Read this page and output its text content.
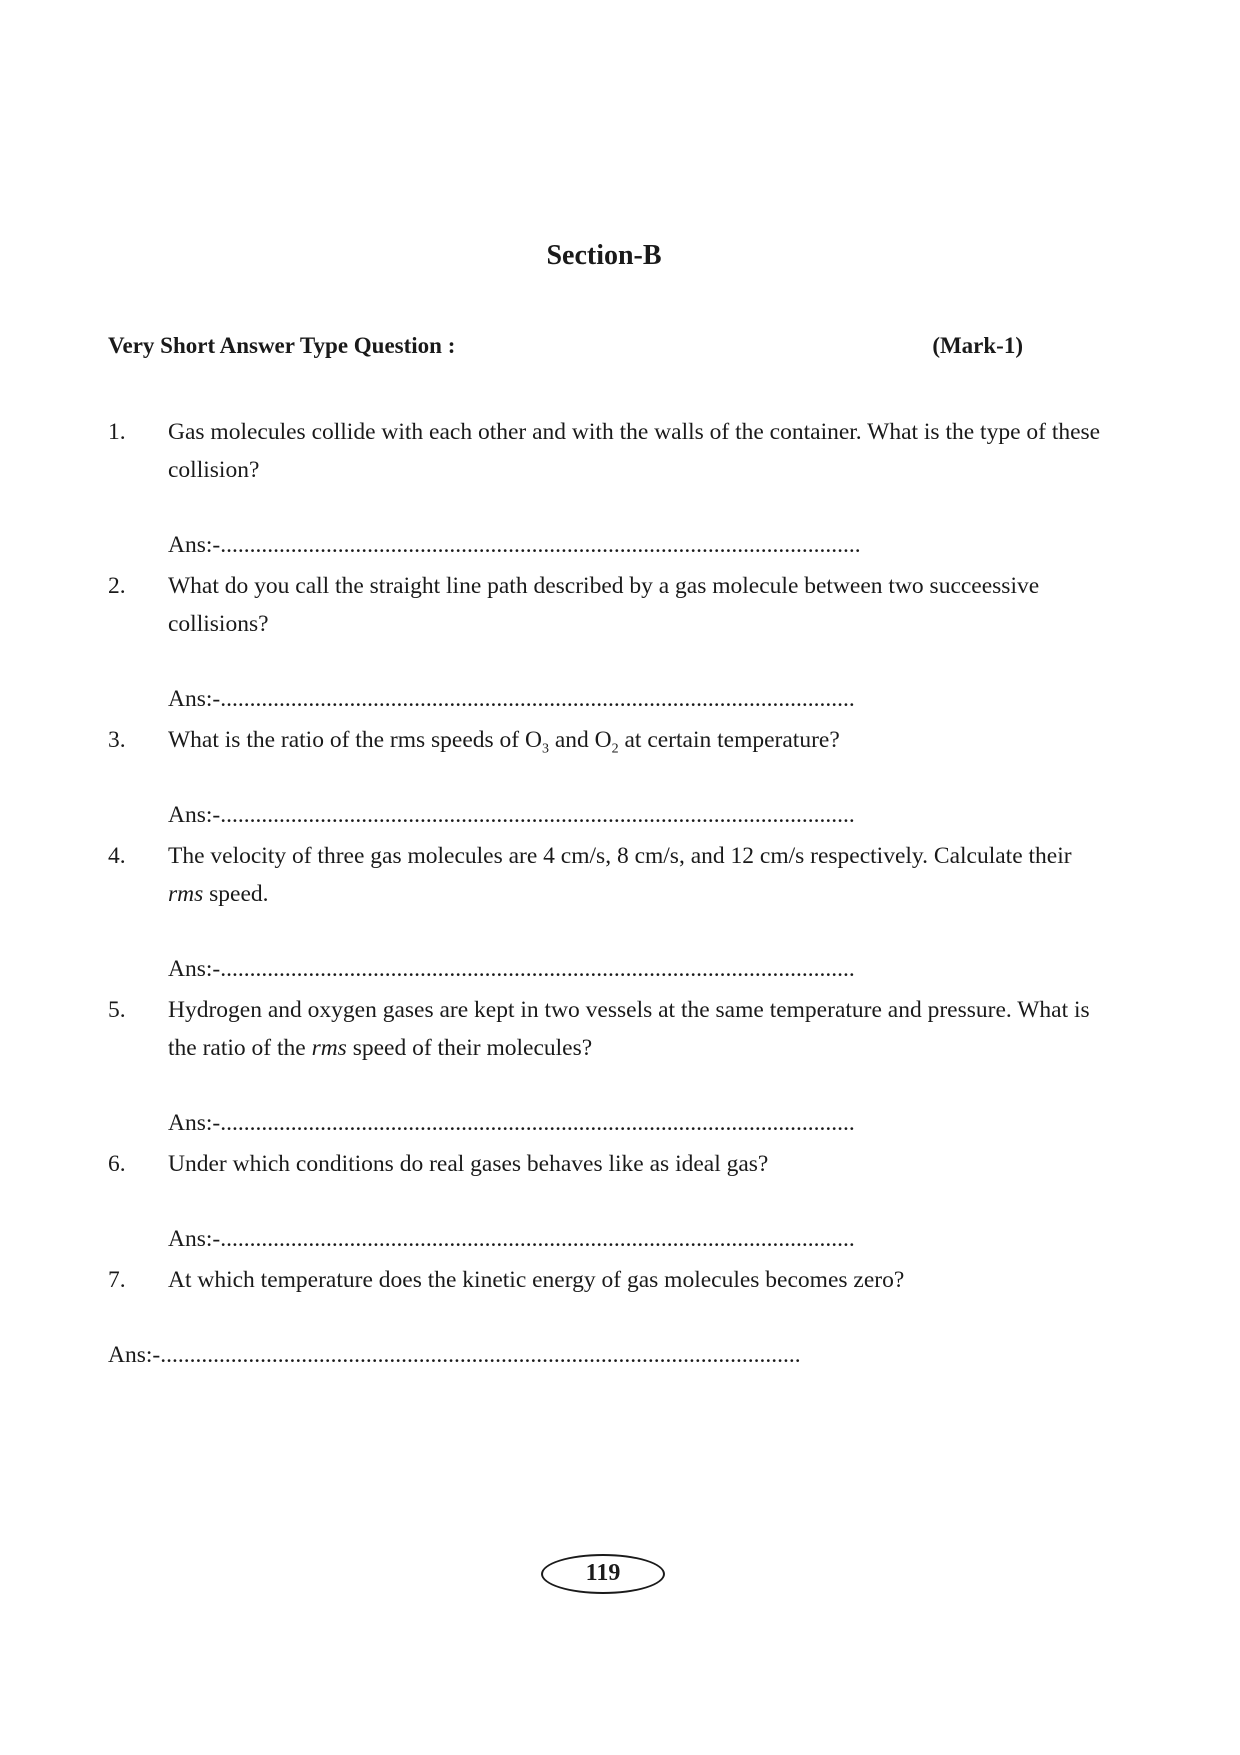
Section-B
Very Short Answer Type Question :	(Mark-1)
1. Gas molecules collide with each other and with the walls of the container. What is the type of these collision?
Ans:-.............................................................................................................
2. What do you call the straight line path described by a gas molecule between two succeessive collisions?
Ans:-............................................................................................................
3. What is the ratio of the rms speeds of $O_3$ and $O_2$ at certain temperature?
Ans:-............................................................................................................
4. The velocity of three gas molecules are 4 cm/s, 8 cm/s, and 12 cm/s respectively. Calculate their rms speed.
Ans:-............................................................................................................
5. Hydrogen and oxygen gases are kept in two vessels at the same temperature and pressure. What is the ratio of the rms speed of their molecules?
Ans:-............................................................................................................
6. Under which conditions do real gases behaves like as ideal gas?
Ans:-............................................................................................................
7. At which temperature does the kinetic energy of gas molecules becomes zero?
Ans:-.............................................................................................................
119
